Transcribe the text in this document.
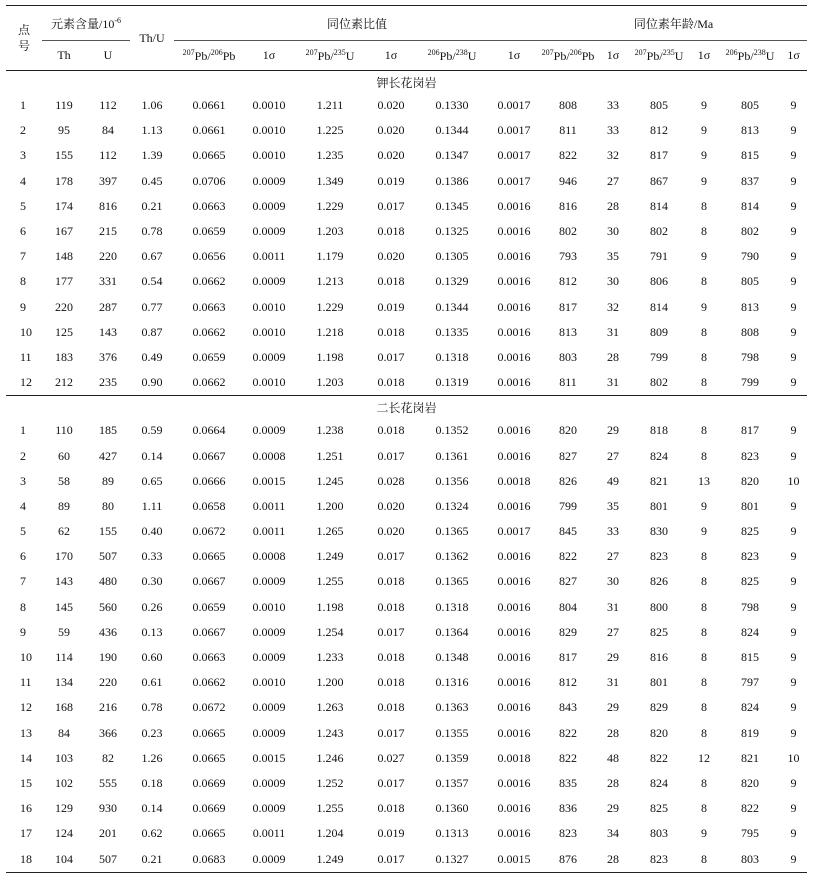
点
号	元素含量$/10^{-6}$		Th/U	同位素比值						同位素年龄/Ma					
	Th	U		$^{207}$Pb/$^{206}$Pb	1σ	$^{207}$Pb/$^{235}$U	1σ	$^{206}$Pb/$^{238}$U	1σ	$^{207}$Pb/$^{206}$Pb	1σ	$^{207}$Pb/$^{235}$U	1σ	$^{206}$Pb/$^{238}$U	1σ
钾长花岗岩															
1	119	112	1.06	0.0661	0.0010	1.211	0.020	0.1330	0.0017	808	33	805	9	805	9
2	95	84	1.13	0.0661	0.0010	1.225	0.020	0.1344	0.0017	811	33	812	9	813	9
3	155	112	1.39	0.0665	0.0010	1.235	0.020	0.1347	0.0017	822	32	817	9	815	9
4	178	397	0.45	0.0706	0.0009	1.349	0.019	0.1386	0.0017	946	27	867	9	837	9
5	174	816	0.21	0.0663	0.0009	1.229	0.017	0.1345	0.0016	816	28	814	8	814	9
6	167	215	0.78	0.0659	0.0009	1.203	0.018	0.1325	0.0016	802	30	802	8	802	9
7	148	220	0.67	0.0656	0.0011	1.179	0.020	0.1305	0.0016	793	35	791	9	790	9
8	177	331	0.54	0.0662	0.0009	1.213	0.018	0.1329	0.0016	812	30	806	8	805	9
9	220	287	0.77	0.0663	0.0010	1.229	0.019	0.1344	0.0016	817	32	814	9	813	9
10	125	143	0.87	0.0662	0.0010	1.218	0.018	0.1335	0.0016	813	31	809	8	808	9
11	183	376	0.49	0.0659	0.0009	1.198	0.017	0.1318	0.0016	803	28	799	8	798	9
12	212	235	0.90	0.0662	0.0010	1.203	0.018	0.1319	0.0016	811	31	802	8	799	9

二长花岗岩															
1	110	185	0.59	0.0664	0.0009	1.238	0.018	0.1352	0.0016	820	29	818	8	817	9
2	60	427	0.14	0.0667	0.0008	1.251	0.017	0.1361	0.0016	827	27	824	8	823	9
3	58	89	0.65	0.0666	0.0015	1.245	0.028	0.1356	0.0018	826	49	821	13	820	10
4	89	80	1.11	0.0658	0.0011	1.200	0.020	0.1324	0.0016	799	35	801	9	801	9
5	62	155	0.40	0.0672	0.0011	1.265	0.020	0.1365	0.0017	845	33	830	9	825	9
6	170	507	0.33	0.0665	0.0008	1.249	0.017	0.1362	0.0016	822	27	823	8	823	9
7	143	480	0.30	0.0667	0.0009	1.255	0.018	0.1365	0.0016	827	30	826	8	825	9
8	145	560	0.26	0.0659	0.0010	1.198	0.018	0.1318	0.0016	804	31	800	8	798	9
9	59	436	0.13	0.0667	0.0009	1.254	0.017	0.1364	0.0016	829	27	825	8	824	9
10	114	190	0.60	0.0663	0.0009	1.233	0.018	0.1348	0.0016	817	29	816	8	815	9
11	134	220	0.61	0.0662	0.0010	1.200	0.018	0.1316	0.0016	812	31	801	8	797	9
12	168	216	0.78	0.0672	0.0009	1.263	0.018	0.1363	0.0016	843	29	829	8	824	9
13	84	366	0.23	0.0665	0.0009	1.243	0.017	0.1355	0.0016	822	28	820	8	819	9
14	103	82	1.26	0.0665	0.0015	1.246	0.027	0.1359	0.0018	822	48	822	12	821	10
15	102	555	0.18	0.0669	0.0009	1.252	0.017	0.1357	0.0016	835	28	824	8	820	9
16	129	930	0.14	0.0669	0.0009	1.255	0.018	0.1360	0.0016	836	29	825	8	822	9
17	124	201	0.62	0.0665	0.0011	1.204	0.019	0.1313	0.0016	823	34	803	9	795	9
18	104	507	0.21	0.0683	0.0009	1.249	0.017	0.1327	0.0015	876	28	823	8	803	9
